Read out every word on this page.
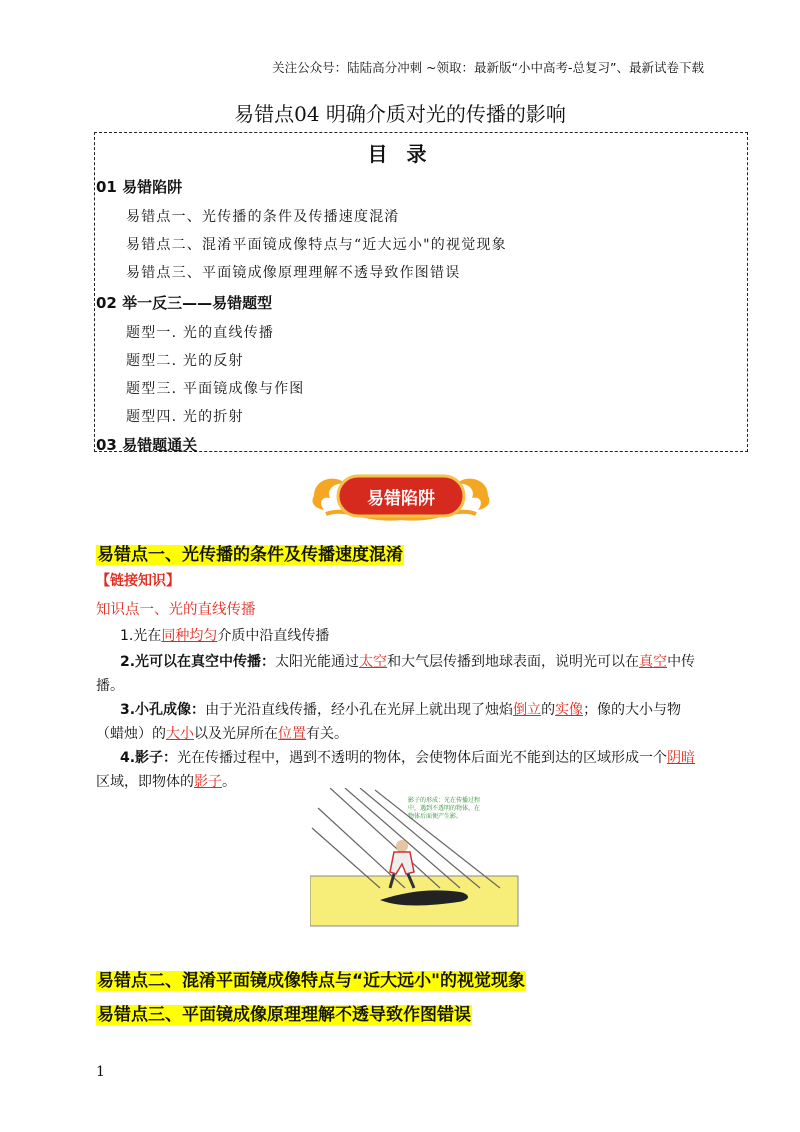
关注公众号：陆陆高分冲刺 ~领取：最新版“小中高考-总复习”、最新试卷下载
易错点04 明确介质对光的传播的影响
目 录
01 易错陷阱
易错点一、光传播的条件及传播速度混淆
易错点二、混淆平面镜成像特点与“近大远小"的视觉现象
易错点三、平面镜成像原理理解不透导致作图错误
02 举一反三——易错题型
题型一. 光的直线传播
题型二. 光的反射
题型三. 平面镜成像与作图
题型四. 光的折射
03 易错题通关
易错陷阱
易错点一、光传播的条件及传播速度混淆
【链接知识】
知识点一、光的直线传播
1.光在同种均匀介质中沿直线传播
2.光可以在真空中传播：太阳光能通过太空和大气层传播到地球表面，说明光可以在真空中传播。
3.小孔成像：由于光沿直线传播，经小孔在光屏上就出现了烛焰倒立的实像；像的大小与物（蜡烛）的大小以及光屏所在位置有关。
4.影子：光在传播过程中，遇到不透明的物体，会使物体后面光不能到达的区域形成一个阴暗区域，即物体的影子。
影子的形成：光在传播过程
中，遇到不透明的物体，在
物体后面便产生影。
易错点二、混淆平面镜成像特点与“近大远小"的视觉现象
易错点三、平面镜成像原理理解不透导致作图错误
1
